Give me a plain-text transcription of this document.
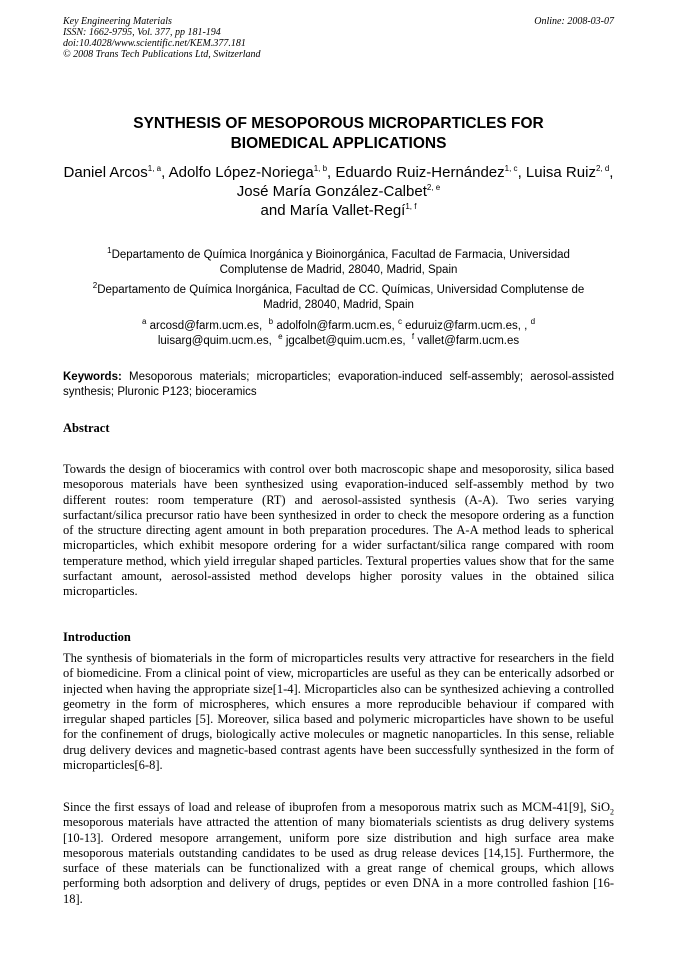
Key Engineering Materials
ISSN: 1662-9795, Vol. 377, pp 181-194
doi:10.4028/www.scientific.net/KEM.377.181
© 2008 Trans Tech Publications Ltd, Switzerland
Online: 2008-03-07
SYNTHESIS OF MESOPOROUS MICROPARTICLES FOR
BIOMEDICAL APPLICATIONS
Daniel Arcos$^{1, a}$, Adolfo López-Noriega$^{1, b}$, Eduardo Ruiz-Hernández$^{1, c}$, Luisa Ruiz$^{2, d}$, José María González-Calbet$^{2, e}$
and María Vallet-Regí$^{1, f}$
$^1$Departamento de Química Inorgánica y Bioinorgánica, Facultad de Farmacia, Universidad
Complutense de Madrid, 28040, Madrid, Spain
$^2$Departamento de Química Inorgánica, Facultad de CC. Químicas, Universidad Complutense de
Madrid, 28040, Madrid, Spain
$^a$ arcosd@farm.ucm.es, $^b$ adolfoln@farm.ucm.es, $^c$ eduruiz@farm.ucm.es, , $^d$
luisarg@quim.ucm.es, $^e$ jgcalbet@quim.ucm.es, $^f$ vallet@farm.ucm.es
Keywords: Mesoporous materials; microparticles; evaporation-induced self-assembly; aerosol-assisted synthesis; Pluronic P123; bioceramics
Abstract
Towards the design of bioceramics with control over both macroscopic shape and mesoporosity, silica based mesoporous materials have been synthesized using evaporation-induced self-assembly method by two different routes: room temperature (RT) and aerosol-assisted synthesis (A-A). Two series varying surfactant/silica precursor ratio have been synthesized in order to check the mesopore ordering as a function of the structure directing agent amount in both preparation procedures. The A-A method leads to spherical microparticles, which exhibit mesopore ordering for a wider surfactant/silica range compared with room temperature method, which yield irregular shaped particles. Textural properties values show that for the same surfactant amount, aerosol-assisted method develops higher porosity values in the obtained silica microparticles.
Introduction
The synthesis of biomaterials in the form of microparticles results very attractive for researchers in the field of biomedicine. From a clinical point of view, microparticles are useful as they can be enterically adsorbed or injected when having the appropriate size[1-4]. Microparticles also can be synthesized achieving a controlled geometry in the form of microspheres, which ensures a more reproducible behaviour if compared with irregular shaped particles [5]. Moreover, silica based and polymeric microparticles have shown to be useful for the confinement of drugs, biologically active molecules or magnetic nanoparticles. In this sense, reliable drug delivery devices and magnetic-based contrast agents have been successfully synthesized in the form of microparticles[6-8].
Since the first essays of load and release of ibuprofen from a mesoporous matrix such as MCM-41[9], SiO$_2$ mesoporous materials have attracted the attention of many biomaterials scientists as drug delivery systems [10-13]. Ordered mesopore arrangement, uniform pore size distribution and high surface area make mesoporous materials outstanding candidates to be used as drug release devices [14,15]. Furthermore, the surface of these materials can be functionalized with a great range of chemical groups, which allows performing both adsorption and delivery of drugs, peptides or even DNA in a more controlled fashion [16-18].
